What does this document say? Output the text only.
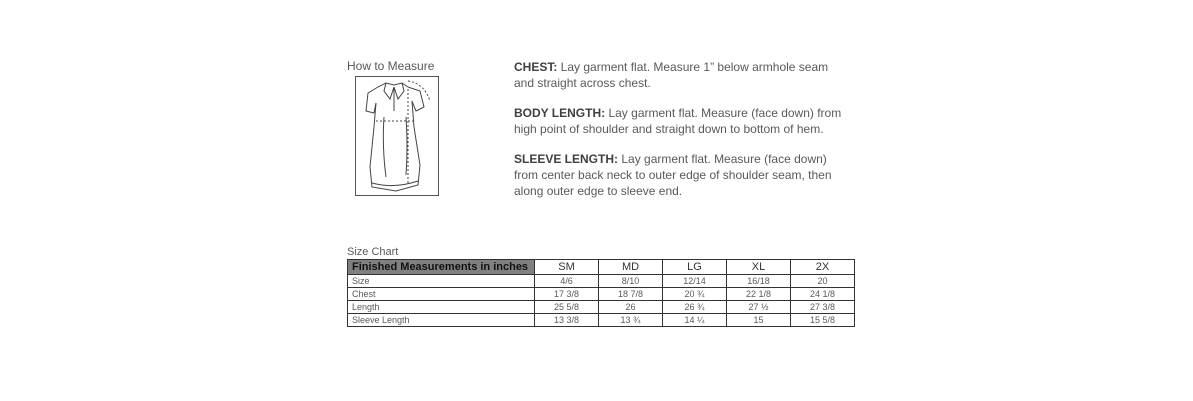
How to Measure	CHEST: Lay garment flat. Measure 1” below armhole seam and straight across chest.

BODY LENGTH: Lay garment flat. Measure (face down) from high point of shoulder and straight down to bottom of hem.

SLEEVE LENGTH: Lay garment flat. Measure (face down) from center back neck to outer edge of shoulder seam, then along outer edge to sleeve end.

Size Chart
Finished Measurements in inches	SM	MD	LG	XL	2X
Size	4/6	8/10	12/14	16/18	20
Chest	17 3/8	18 7/8	20 ¾	22 1/8	24 1/8
Length	25 5/8	26	26 ¾	27 ½	27 3/8
Sleeve Length	13 3/8	13 ¾	14 ¼	15	15 5/8
